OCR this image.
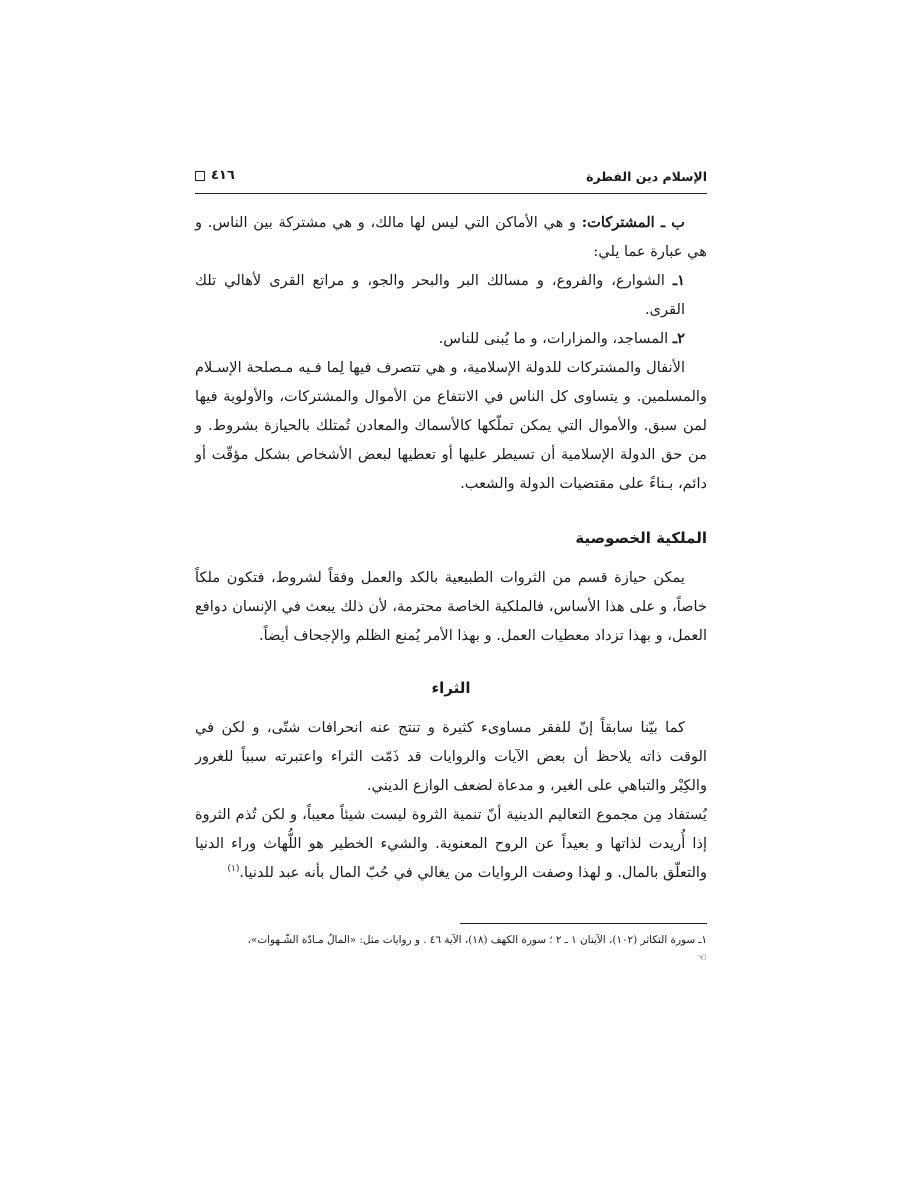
٤١٦	الإسلام دين الفطرة

ب ـ المشتركات: و هي الأماكن التي ليس لها مالك، و هي مشتركة بين الناس. و هي عبارة عما يلي:

١ـ الشوارع، والفروع، و مسالك البر والبحر والجو، و مراتع القرى لأهالي تلك القرى.

٢ـ المساجد، والمزارات، و ما يُبنى للناس.

الأنفال والمشتركات للدولة الإسلامية، و هي تتصرف فيها لِما فـيه مـصلحة الإسـلام والمسلمين. و يتساوى كل الناس في الانتفاع من الأموال والمشتركات، والأولوية فيها لمن سبق. والأموال التي يمكن تملّكها كالأسماك والمعادن تُمتلك بالحيازة بشروط. و من حق الدولة الإسلامية أن تسيطر عليها أو تعطيها لبعض الأشخاص بشكل مؤقّت أو دائم، بـناءً على مقتضيات الدولة والشعب.

الملكية الخصوصية

يمكن حيازة قسم من الثروات الطبيعية بالكد والعمل وفقاً لشروط، فتكون ملكاً خاصاً، و على هذا الأساس، فالملكية الخاصة محترمة، لأن ذلك يبعث في الإنسان دوافع العمل، و بهذا تزداد معطيات العمل. و بهذا الأمر يُمنع الظلم والإجحاف أيضاً.

الثراء

كما بيّنا سابقاً إنّ للفقر مساوىء كثيرة و تنتج عنه انحرافات شتّى، و لكن في الوقت ذاته يلاحظ أن بعض الآيات والروايات قد ذَمّت الثراء واعتبرته سبباً للغرور والكِبْر والتباهي على الغير، و مدعاة لضعف الوازع الديني.

يُستفاد مِن مجموع التعاليم الدينية أنّ تنمية الثروة ليست شيئاً معيباً، و لكن تُذم الثروة إذا أُريدت لذاتها و بعيداً عن الروح المعنوية. والشيء الخطير هو اللُّهاث وراء الدنيا والتعلّق بالمال. و لهذا وصفت الروايات من يغالي في حُبّ المال بأنه عبد للدنيا.$^{(١)}$

١ـ سورة التكاثر (١٠٢)، الآيتان ١ ـ ٢ ؛ سورة الكهف (١٨)، الآية ٤٦ . و روايات مثل: «المالُ مـادّة الشّـهوات»،
☜
